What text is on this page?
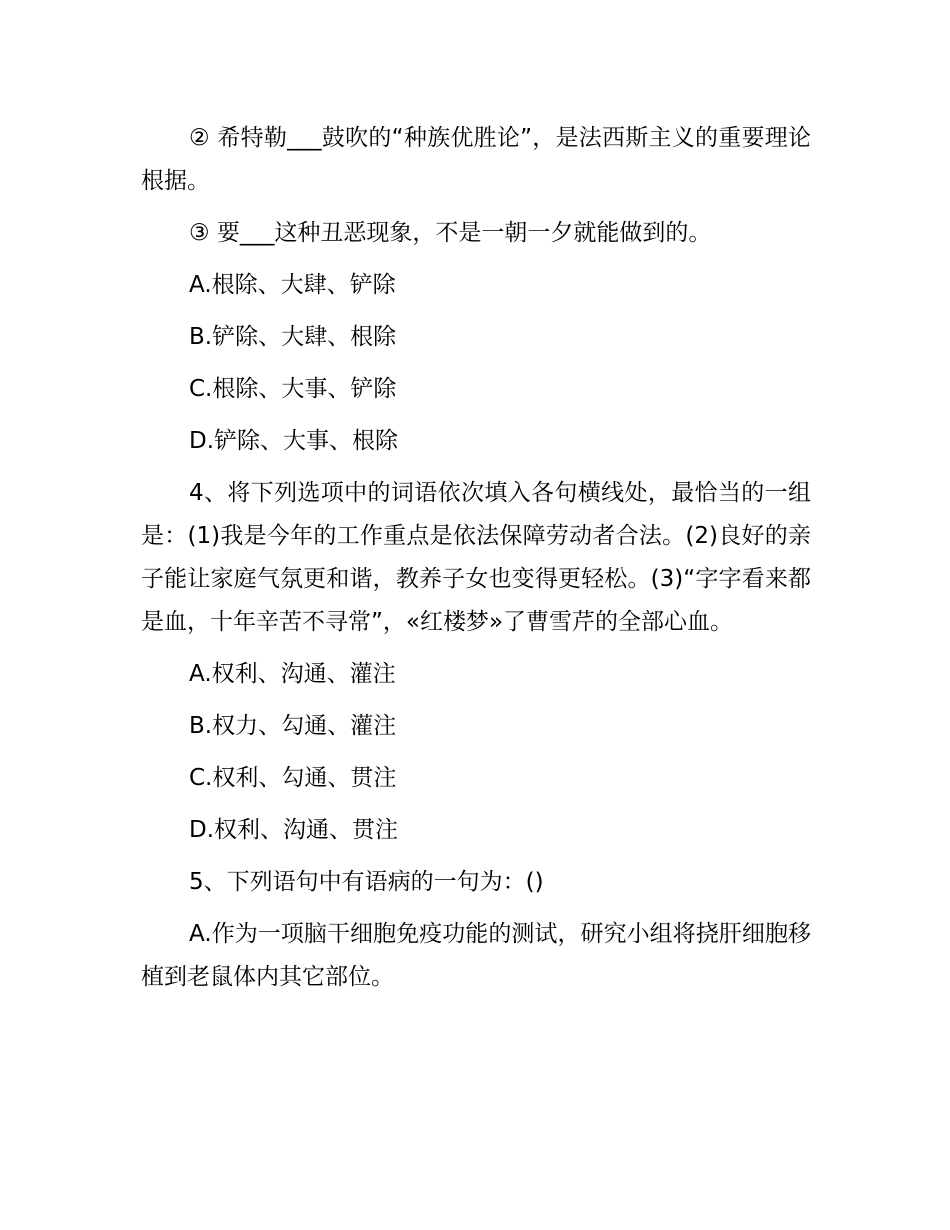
② 希特勒___鼓吹的“种族优胜论”，是法西斯主义的重要理论根据。

③ 要___这种丑恶现象，不是一朝一夕就能做到的。

A.根除、大肆、铲除

B.铲除、大肆、根除

C.根除、大事、铲除

D.铲除、大事、根除

4、将下列选项中的词语依次填入各句横线处，最恰当的一组是：(1)我是今年的工作重点是依法保障劳动者合法。(2)良好的亲子能让家庭气氛更和谐，教养子女也变得更轻松。(3)“字字看来都是血，十年辛苦不寻常”，«红楼梦»了曹雪芹的全部心血。

A.权利、沟通、灌注

B.权力、勾通、灌注

C.权利、勾通、贯注

D.权利、沟通、贯注

5、下列语句中有语病的一句为：()

A.作为一项脑干细胞免疫功能的测试，研究小组将挠肝细胞移植到老鼠体内其它部位。
